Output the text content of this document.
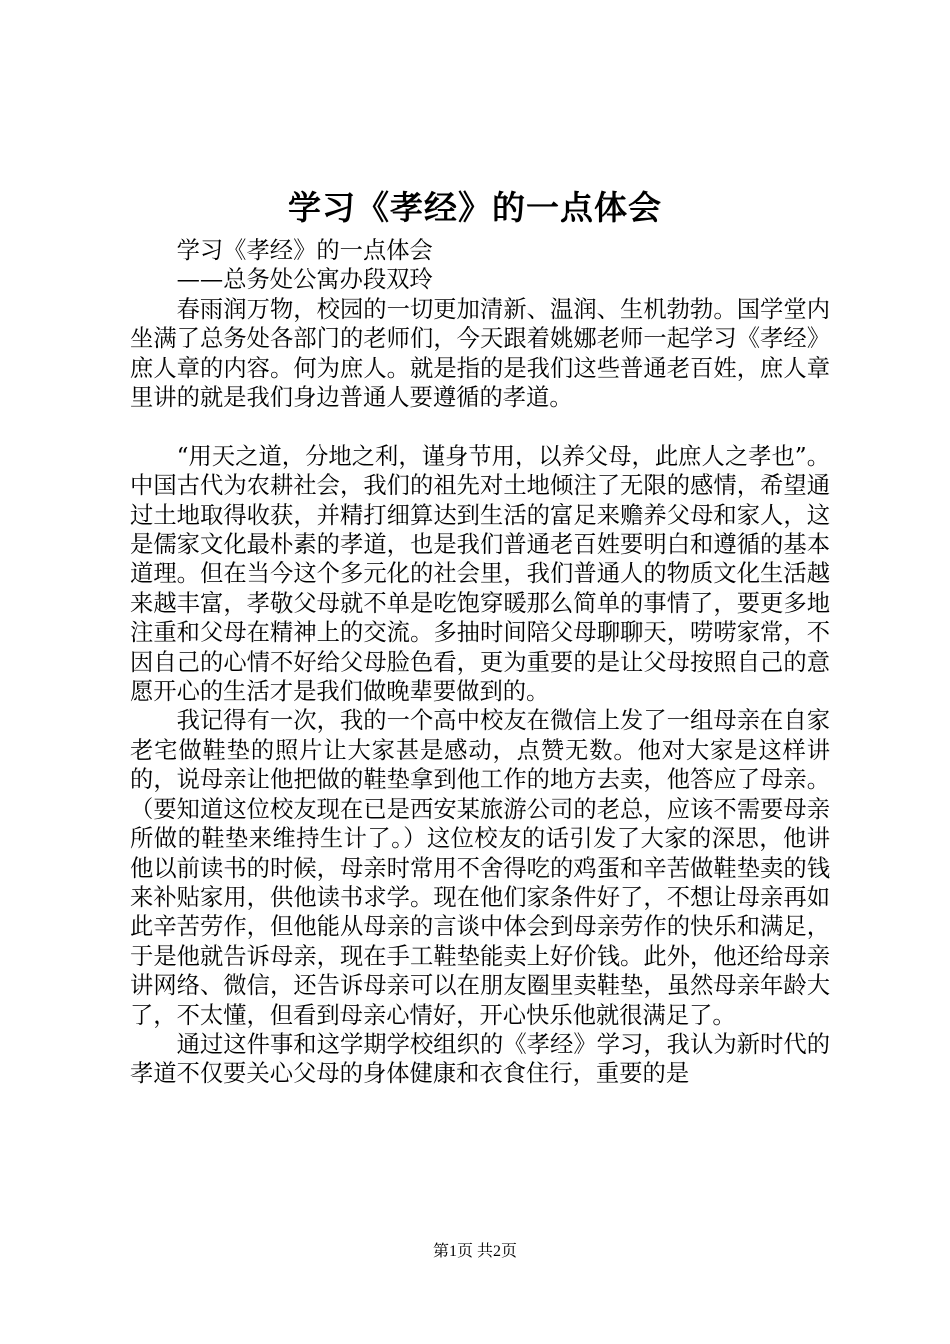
学习《孝经》的一点体会

学习《孝经》的一点体会

——总务处公寓办段双玲

春雨润万物，校园的一切更加清新、温润、生机勃勃。国学堂内坐满了总务处各部门的老师们，今天跟着姚娜老师一起学习《孝经》庶人章的内容。何为庶人。就是指的是我们这些普通老百姓，庶人章里讲的就是我们身边普通人要遵循的孝道。

“用天之道，分地之利，谨身节用，以养父母，此庶人之孝也”。中国古代为农耕社会，我们的祖先对土地倾注了无限的感情，希望通过土地取得收获，并精打细算达到生活的富足来赡养父母和家人，这是儒家文化最朴素的孝道，也是我们普通老百姓要明白和遵循的基本道理。但在当今这个多元化的社会里，我们普通人的物质文化生活越来越丰富，孝敬父母就不单是吃饱穿暖那么简单的事情了，要更多地注重和父母在精神上的交流。多抽时间陪父母聊聊天，唠唠家常，不因自己的心情不好给父母脸色看，更为重要的是让父母按照自己的意愿开心的生活才是我们做晚辈要做到的。

我记得有一次，我的一个高中校友在微信上发了一组母亲在自家老宅做鞋垫的照片让大家甚是感动，点赞无数。他对大家是这样讲的，说母亲让他把做的鞋垫拿到他工作的地方去卖，他答应了母亲。（要知道这位校友现在已是西安某旅游公司的老总，应该不需要母亲所做的鞋垫来维持生计了。）这位校友的话引发了大家的深思，他讲他以前读书的时候，母亲时常用不舍得吃的鸡蛋和辛苦做鞋垫卖的钱来补贴家用，供他读书求学。现在他们家条件好了，不想让母亲再如此辛苦劳作，但他能从母亲的言谈中体会到母亲劳作的快乐和满足，于是他就告诉母亲，现在手工鞋垫能卖上好价钱。此外，他还给母亲讲网络、微信，还告诉母亲可以在朋友圈里卖鞋垫，虽然母亲年龄大了，不太懂，但看到母亲心情好，开心快乐他就很满足了。

通过这件事和这学期学校组织的《孝经》学习，我认为新时代的孝道不仅要关心父母的身体健康和衣食住行，重要的是

第1页 共2页
